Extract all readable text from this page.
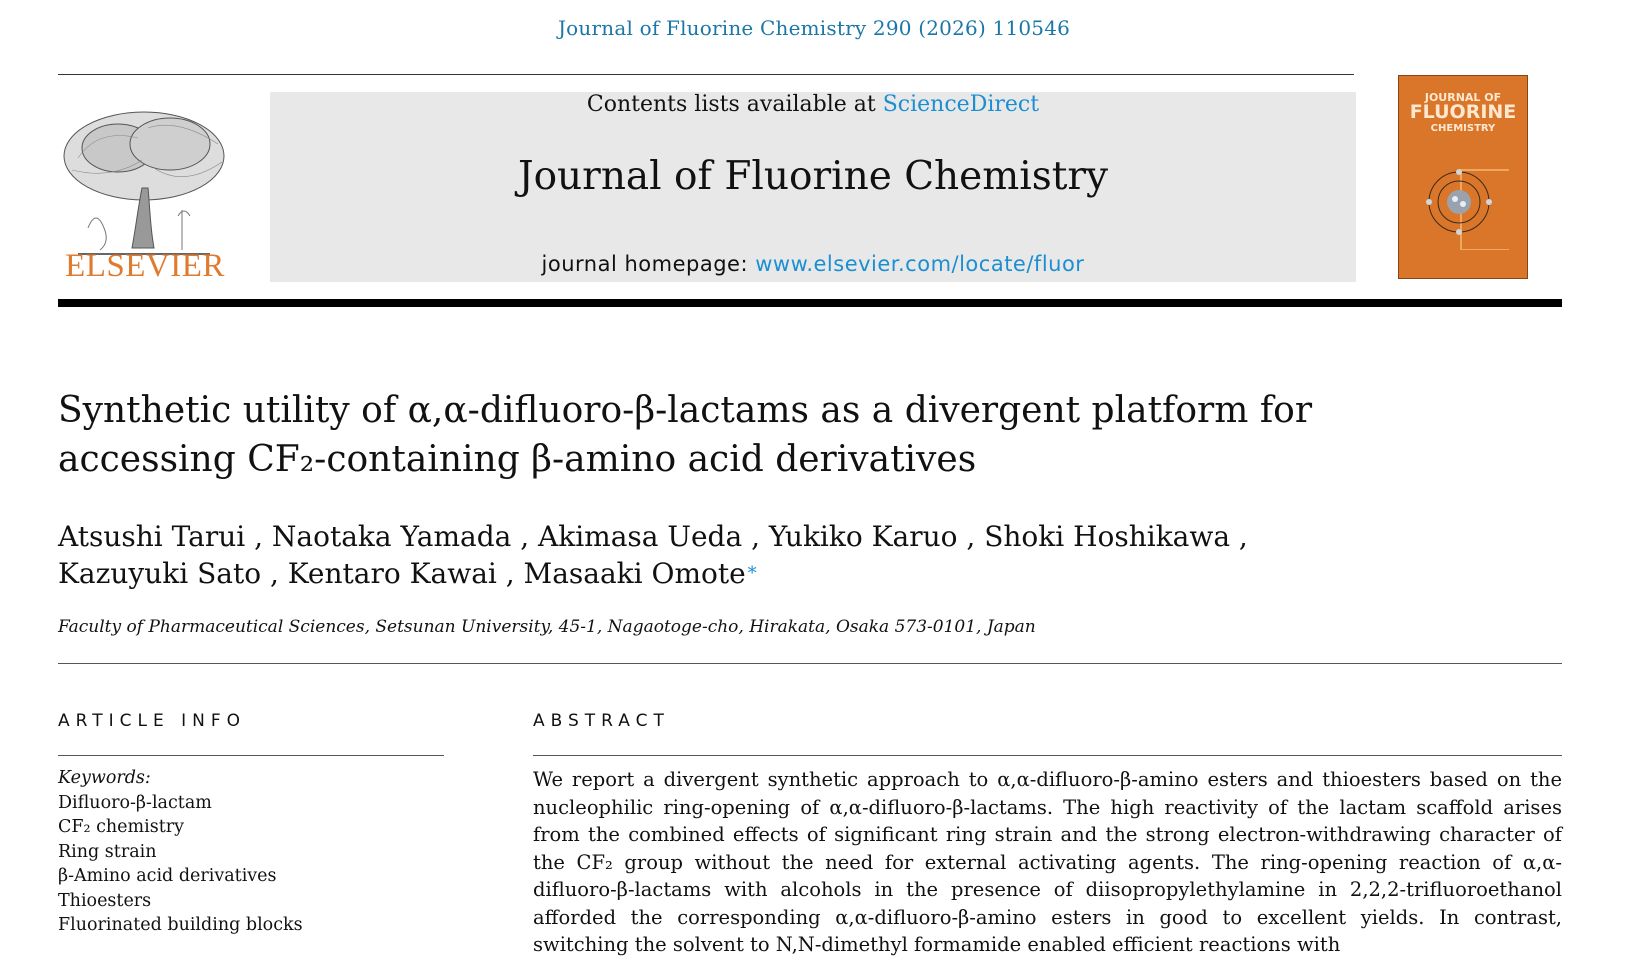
Journal of Fluorine Chemistry 290 (2026) 110546
ELSEVIER
Contents lists available at ScienceDirect
Journal of Fluorine Chemistry
journal homepage: www.elsevier.com/locate/fluor
JOURNAL OF
FLUORINE
CHEMISTRY
Synthetic utility of α,α-difluoro-β-lactams as a divergent platform for
accessing CF₂-containing β-amino acid derivatives
Atsushi Tarui , Naotaka Yamada , Akimasa Ueda , Yukiko Karuo , Shoki Hoshikawa ,
Kazuyuki Sato , Kentaro Kawai , Masaaki Omote *
Faculty of Pharmaceutical Sciences, Setsunan University, 45-1, Nagaotoge-cho, Hirakata, Osaka 573-0101, Japan
ARTICLE INFO
Keywords:
Difluoro-β-lactam
CF₂ chemistry
Ring strain
β-Amino acid derivatives
Thioesters
Fluorinated building blocks
ABSTRACT
We report a divergent synthetic approach to α,α-difluoro-β-amino esters and thioesters based on the nucleophilic ring-opening of α,α-difluoro-β-lactams. The high reactivity of the lactam scaffold arises from the combined effects of significant ring strain and the strong electron-withdrawing character of the CF₂ group without the need for external activating agents. The ring-opening reaction of α,α-difluoro-β-lactams with alcohols in the presence of diisopropylethylamine in 2,2,2-trifluoroethanol afforded the corresponding α,α-difluoro-β-amino esters in good to excellent yields. In contrast, switching the solvent to N,N-dimethyl formamide enabled efficient reactions with
